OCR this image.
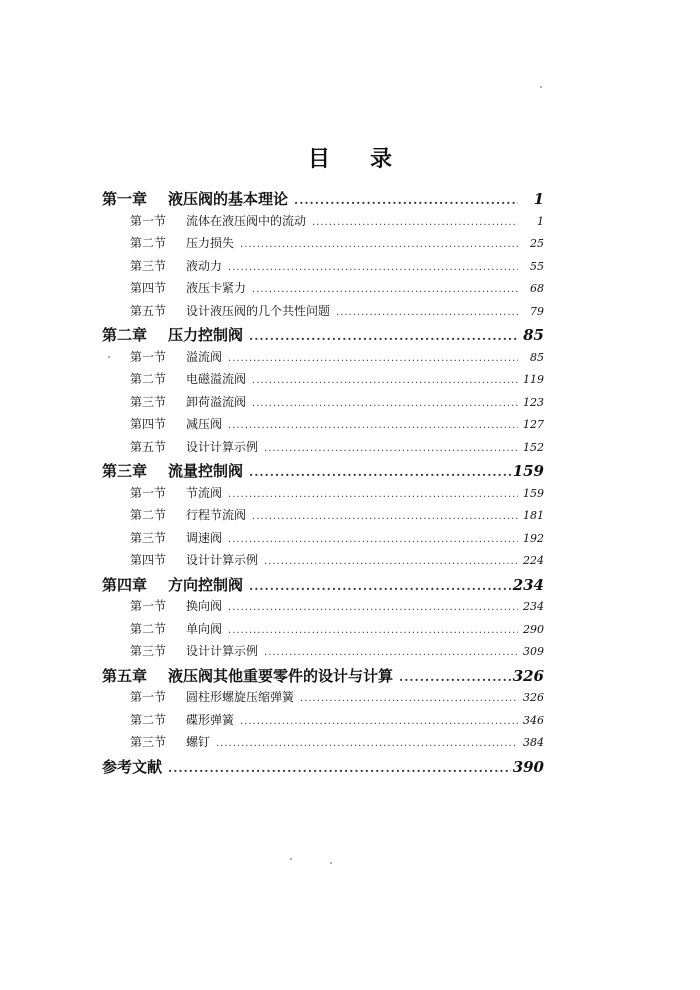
目 录
第一章	液压阀的基本理论 .....	1
第一节	流体在液压阀中的流动 .....	1
第二节	压力损失 .....	25
第三节	液动力 .....	55
第四节	液压卡紧力 .....	68
第五节	设计液压阀的几个共性问题 .....	79
第二章	压力控制阀 .....	85
第一节	溢流阀 .....	85
第二节	电磁溢流阀 .....	119
第三节	卸荷溢流阀 .....	123
第四节	减压阀 .....	127
第五节	设计计算示例 .....	152
第三章	流量控制阀 .....	159
第一节	节流阀 .....	159
第二节	行程节流阀 .....	181
第三节	调速阀 .....	192
第四节	设计计算示例 .....	224
第四章	方向控制阀 .....	234
第一节	换向阀 .....	234
第二节	单向阀 .....	290
第三节	设计计算示例 .....	309
第五章	液压阀其他重要零件的设计与计算 .....	326
第一节	圆柱形螺旋压缩弹簧 .....	326
第二节	碟形弹簧 .....	346
第三节	螺钉 .....	384
参考文献 .....	390
